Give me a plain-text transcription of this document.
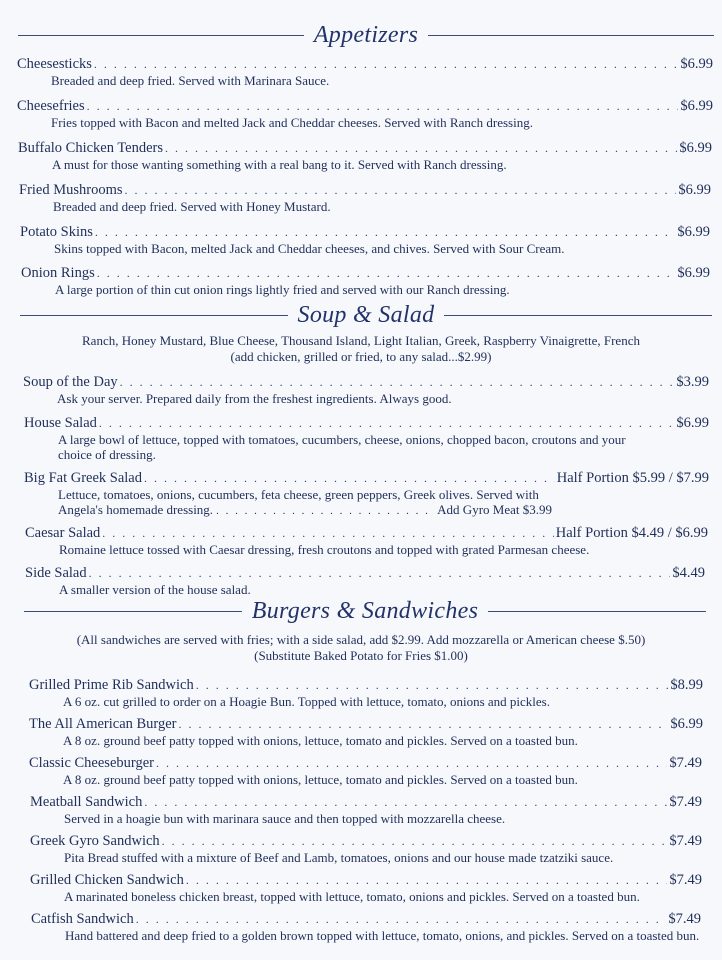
Appetizers
Cheesesticks . . .	$6.99
Breaded and deep fried. Served with Marinara Sauce.
Cheesefries . . .	$6.99
Fries topped with Bacon and melted Jack and Cheddar cheeses. Served with Ranch dressing.
Buffalo Chicken Tenders . . .	$6.99
A must for those wanting something with a real bang to it. Served with Ranch dressing.
Fried Mushrooms . . .	$6.99
Breaded and deep fried. Served with Honey Mustard.
Potato Skins . . .	$6.99
Skins topped with Bacon, melted Jack and Cheddar cheeses, and chives. Served with Sour Cream.
Onion Rings . . .	$6.99
A large portion of thin cut onion rings lightly fried and served with our Ranch dressing.
Soup & Salad
Ranch, Honey Mustard, Blue Cheese, Thousand Island, Light Italian, Greek, Raspberry Vinaigrette, French
(add chicken, grilled or fried, to any salad...$2.99)
Soup of the Day . . .	$3.99
Ask your server. Prepared daily from the freshest ingredients. Always good.
House Salad . . .	$6.99
A large bowl of lettuce, topped with tomatoes, cucumbers, cheese, onions, chopped bacon, croutons and your
choice of dressing.
Big Fat Greek Salad . . .	Half Portion $5.99 / $7.99
Lettuce, tomatoes, onions, cucumbers, feta cheese, green peppers, Greek olives. Served with
Angela's homemade dressing. . . .	Add Gyro Meat $3.99
Caesar Salad . . .	Half Portion $4.49 / $6.99
Romaine lettuce tossed with Caesar dressing, fresh croutons and topped with grated Parmesan cheese.
Side Salad . . .	$4.49
A smaller version of the house salad.
Burgers & Sandwiches
(All sandwiches are served with fries; with a side salad, add $2.99. Add mozzarella or American cheese $.50)
(Substitute Baked Potato for Fries $1.00)
Grilled Prime Rib Sandwich . . .	$8.99
A 6 oz. cut grilled to order on a Hoagie Bun. Topped with lettuce, tomato, onions and pickles.
The All American Burger . . .	$6.99
A 8 oz. ground beef patty topped with onions, lettuce, tomato and pickles. Served on a toasted bun.
Classic Cheeseburger . . .	$7.49
A 8 oz. ground beef patty topped with onions, lettuce, tomato and pickles. Served on a toasted bun.
Meatball Sandwich . . .	$7.49
Served in a hoagie bun with marinara sauce and then topped with mozzarella cheese.
Greek Gyro Sandwich . . .	$7.49
Pita Bread stuffed with a mixture of Beef and Lamb, tomatoes, onions and our house made tzatziki sauce.
Grilled Chicken Sandwich . . .	$7.49
A marinated boneless chicken breast, topped with lettuce, tomato, onions and pickles. Served on a toasted bun.
Catfish Sandwich . . .	$7.49
Hand battered and deep fried to a golden brown topped with lettuce, tomato, onions, and pickles. Served on a toasted bun.
